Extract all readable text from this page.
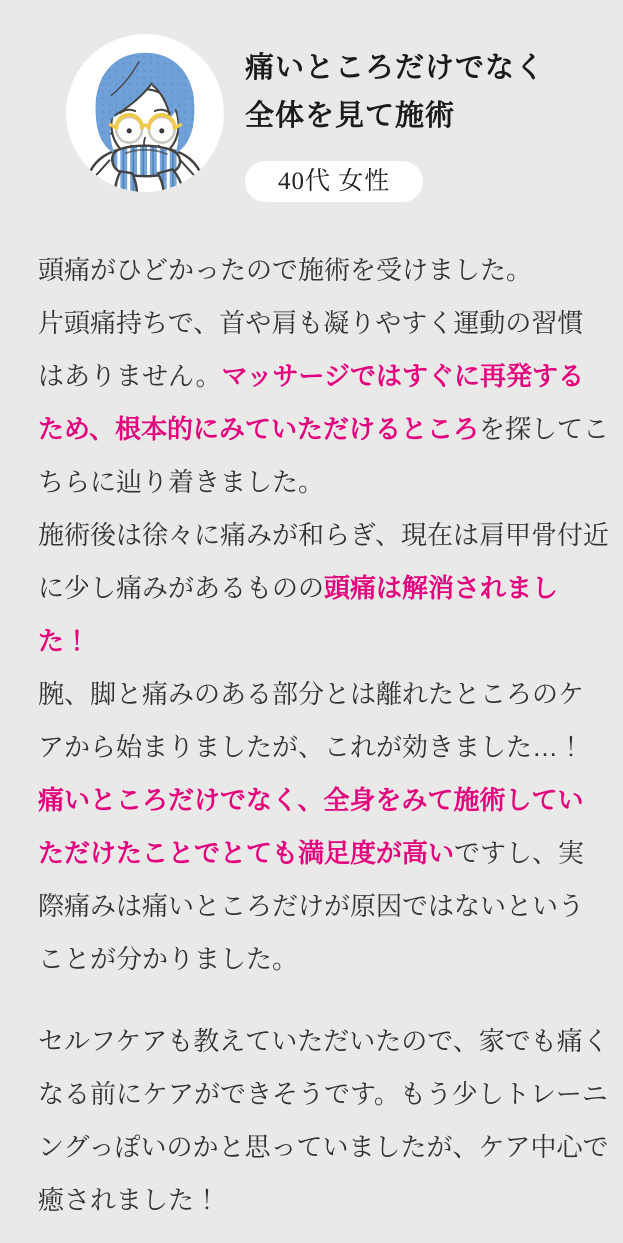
痛いところだけでなく
全体を見て施術
40代 女性

頭痛がひどかったので施術を受けました。
片頭痛持ちで、首や肩も凝りやすく運動の習慣はありません。マッサージではすぐに再発するため、根本的にみていただけるところを探してこちらに辿り着きました。
施術後は徐々に痛みが和らぎ、現在は肩甲骨付近に少し痛みがあるものの頭痛は解消されました！
腕、脚と痛みのある部分とは離れたところのケアから始まりましたが、これが効きました…！
痛いところだけでなく、全身をみて施術していただけたことでとても満足度が高いですし、実際痛みは痛いところだけが原因ではないということが分かりました。

セルフケアも教えていただいたので、家でも痛くなる前にケアができそうです。もう少しトレーニングっぽいのかと思っていましたが、ケア中心で癒されました！
